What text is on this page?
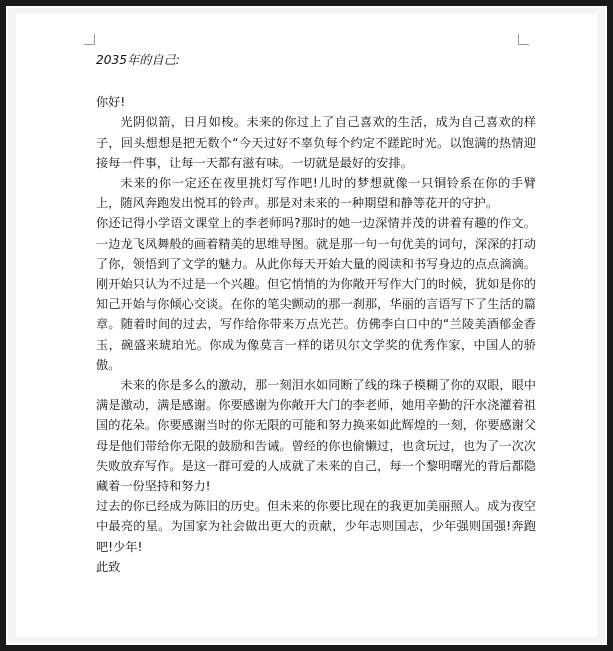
2035年的自己:

你好!

光阴似箭，日月如梭。未来的你过上了自己喜欢的生活，成为自己喜欢的样子，回头想想是把无数个“今天过好不辜负每个约定不蹉跎时光。以饱满的热情迎接每一件事，让每一天都有滋有味。一切就是最好的安排。

未来的你一定还在夜里挑灯写作吧!儿时的梦想就像一只铜铃系在你的手臂上，随风奔跑发出悦耳的铃声。那是对未来的一种期望和静等花开的守护。

你还记得小学语文课堂上的李老师吗?那时的她一边深情并茂的讲着有趣的作文。一边龙飞凤舞般的画着精美的思维导图。就是那一句一句优美的词句，深深的打动了你，领悟到了文学的魅力。从此你每天开始大量的阅读和书写身边的点点滴滴。刚开始只认为不过是一个兴趣。但它悄悄的为你敞开写作大门的时候，犹如是你的知己开始与你倾心交谈。在你的笔尖颤动的那一刹那，华丽的言语写下了生活的篇章。随着时间的过去，写作给你带来万点光芒。仿佛李白口中的“兰陵美酒郁金香玉，碗盛来琥珀光。你成为像莫言一样的诺贝尔文学奖的优秀作家，中国人的骄傲。

未来的你是多么的激动，那一刻泪水如同断了线的珠子模糊了你的双眼，眼中满是激动，满是感谢。你要感谢为你敞开大门的李老师，她用辛勤的汗水浇灌着祖国的花朵。你要感谢当时的你无限的可能和努力换来如此辉煌的一刻，你要感谢父母是他们带给你无限的鼓励和告诫。曾经的你也偷懒过，也贪玩过，也为了一次次失败放弃写作。是这一群可爱的人成就了未来的自己，每一个黎明曙光的背后都隐藏着一份坚持和努力!

过去的你已经成为陈旧的历史。但未来的你要比现在的我更加美丽照人。成为夜空中最亮的星。为国家为社会做出更大的贡献，少年志则国志，少年强则国强!奔跑吧!少年!

此致
